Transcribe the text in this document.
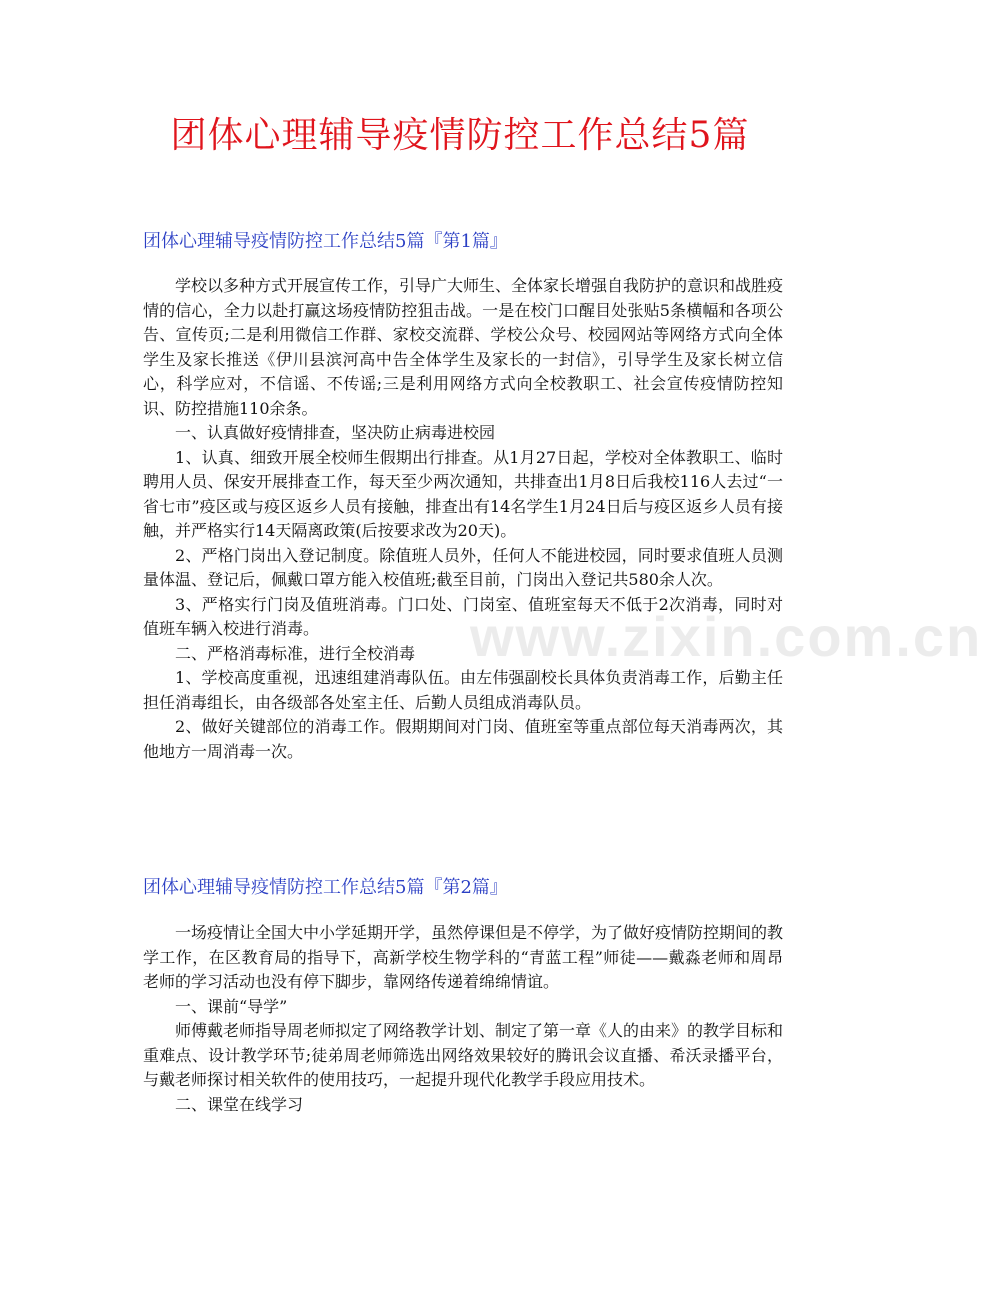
团体心理辅导疫情防控工作总结5篇
团体心理辅导疫情防控工作总结5篇『第1篇』

学校以多种方式开展宣传工作，引导广大师生、全体家长增强自我防护的意识和战胜疫情的信心，全力以赴打赢这场疫情防控狙击战。一是在校门口醒目处张贴5条横幅和各项公告、宣传页;二是利用微信工作群、家校交流群、学校公众号、校园网站等网络方式向全体学生及家长推送《伊川县滨河高中告全体学生及家长的一封信》，引导学生及家长树立信心，科学应对，不信谣、不传谣;三是利用网络方式向全校教职工、社会宣传疫情防控知识、防控措施110余条。

一、认真做好疫情排查，坚决防止病毒进校园

1、认真、细致开展全校师生假期出行排查。从1月27日起，学校对全体教职工、临时聘用人员、保安开展排查工作，每天至少两次通知，共排查出1月8日后我校116人去过“一省七市”疫区或与疫区返乡人员有接触，排查出有14名学生1月24日后与疫区返乡人员有接触，并严格实行14天隔离政策(后按要求改为20天)。

2、严格门岗出入登记制度。除值班人员外，任何人不能进校园，同时要求值班人员测量体温、登记后，佩戴口罩方能入校值班;截至目前，门岗出入登记共580余人次。

3、严格实行门岗及值班消毒。门口处、门岗室、值班室每天不低于2次消毒，同时对值班车辆入校进行消毒。

二、严格消毒标准，进行全校消毒

1、学校高度重视，迅速组建消毒队伍。由左伟强副校长具体负责消毒工作，后勤主任担任消毒组长，由各级部各处室主任、后勤人员组成消毒队员。

2、做好关键部位的消毒工作。假期期间对门岗、值班室等重点部位每天消毒两次，其他地方一周消毒一次。

团体心理辅导疫情防控工作总结5篇『第2篇』

一场疫情让全国大中小学延期开学，虽然停课但是不停学，为了做好疫情防控期间的教学工作，在区教育局的指导下，高新学校生物学科的“青蓝工程”师徒——戴淼老师和周昂老师的学习活动也没有停下脚步，靠网络传递着绵绵情谊。

一、课前“导学”

师傅戴老师指导周老师拟定了网络教学计划、制定了第一章《人的由来》的教学目标和重难点、设计教学环节;徒弟周老师筛选出网络效果较好的腾讯会议直播、希沃录播平台，与戴老师探讨相关软件的使用技巧，一起提升现代化教学手段应用技术。

二、课堂在线学习

www.zixin.com.cn
